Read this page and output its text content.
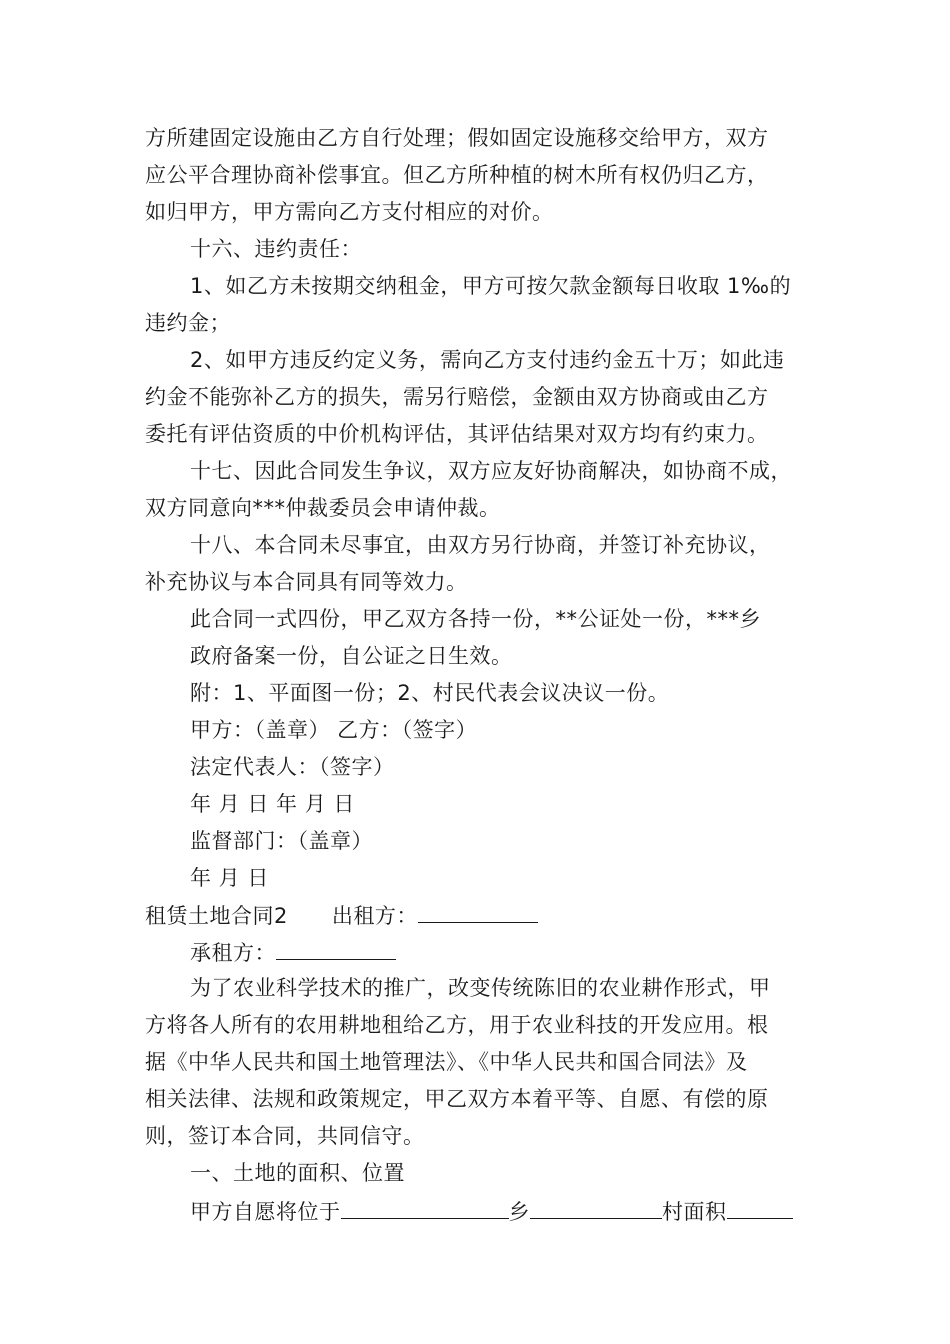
方所建固定设施由乙方自行处理；假如固定设施移交给甲方，双方
应公平合理协商补偿事宜。但乙方所种植的树木所有权仍归乙方，
如归甲方，甲方需向乙方支付相应的对价。
十六、违约责任：
1、如乙方未按期交纳租金，甲方可按欠款金额每日收取 1‰的
违约金；
2、如甲方违反约定义务，需向乙方支付违约金五十万；如此违
约金不能弥补乙方的损失，需另行赔偿，金额由双方协商或由乙方
委托有评估资质的中价机构评估，其评估结果对双方均有约束力。
十七、因此合同发生争议，双方应友好协商解决，如协商不成，
双方同意向***仲裁委员会申请仲裁。
十八、本合同未尽事宜，由双方另行协商，并签订补充协议，
补充协议与本合同具有同等效力。
此合同一式四份，甲乙双方各持一份，**公证处一份，***乡
政府备案一份，自公证之日生效。
附：1、平面图一份；2、村民代表会议决议一份。
甲方：（盖章） 乙方：（签字）
法定代表人：（签字）
年 月 日 年 月 日
监督部门：（盖章）
年 月 日
租赁土地合同2 出租方：
承租方：
为了农业科学技术的推广，改变传统陈旧的农业耕作形式，甲
方将各人所有的农用耕地租给乙方，用于农业科技的开发应用。根
据《中华人民共和国土地管理法》、《中华人民共和国合同法》及
相关法律、法规和政策规定，甲乙双方本着平等、自愿、有偿的原
则，签订本合同，共同信守。
一、土地的面积、位置
甲方自愿将位于	乡	村面积
